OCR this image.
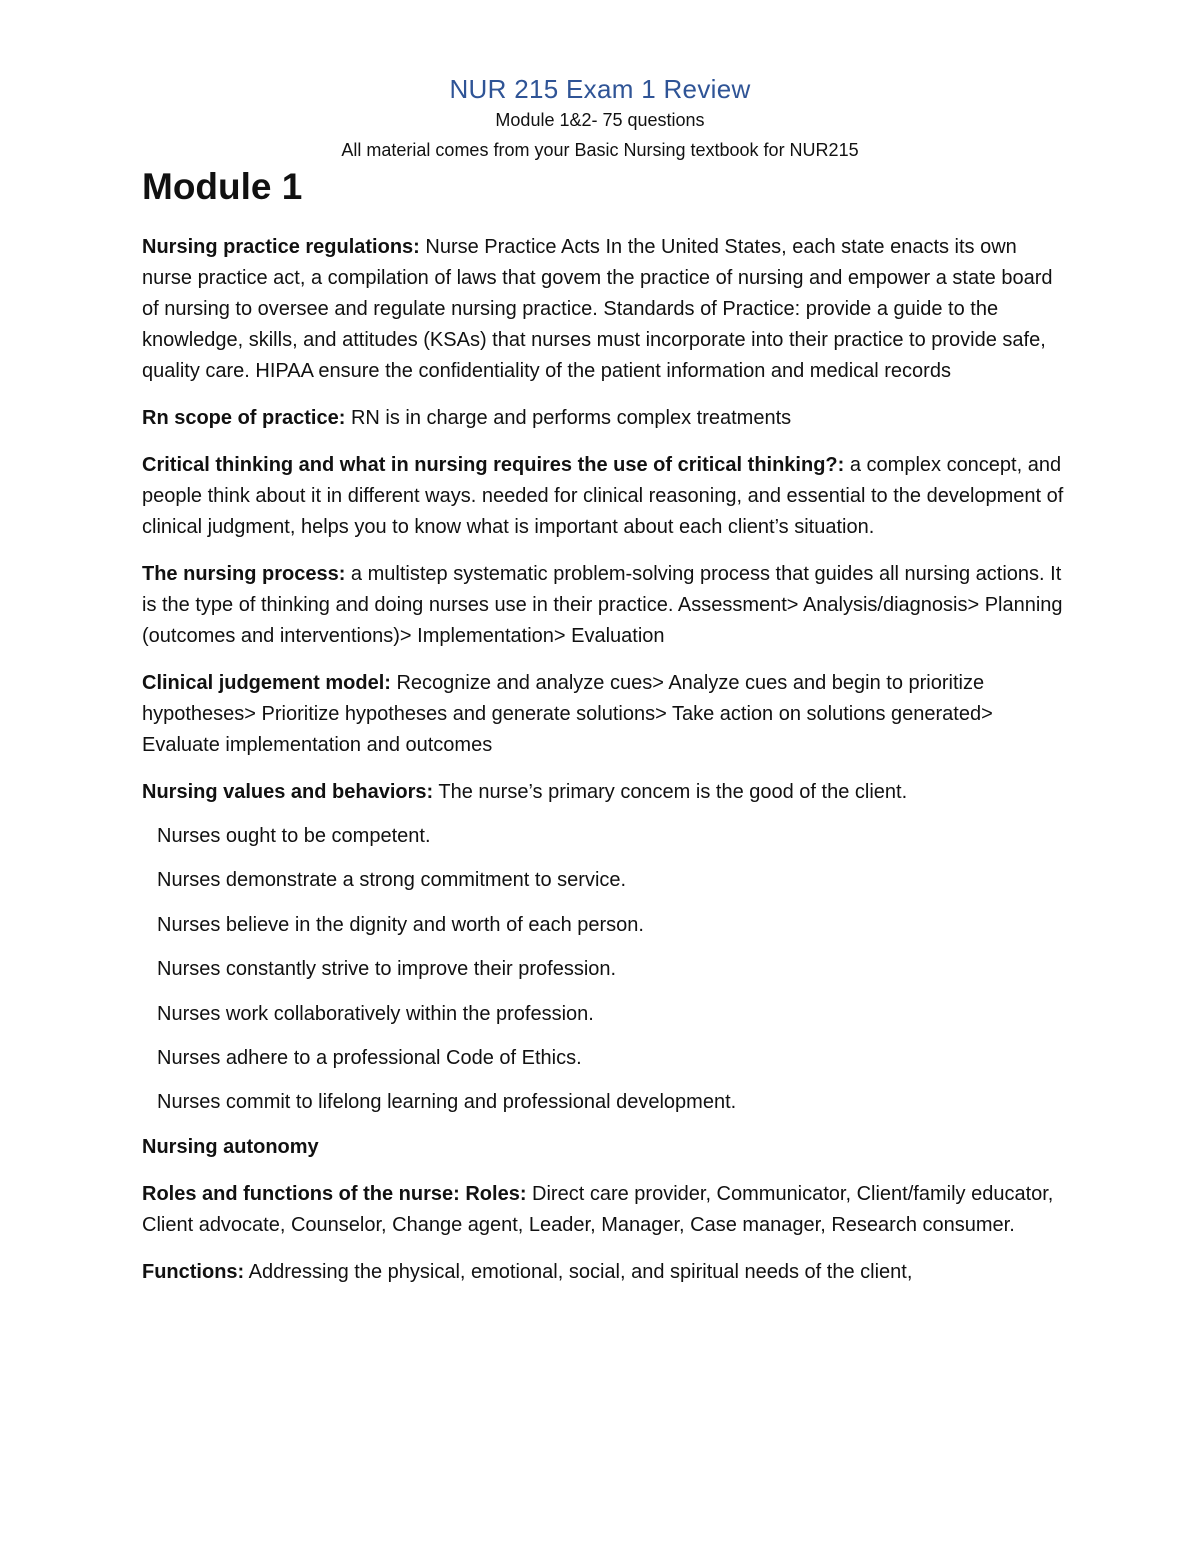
NUR 215 Exam 1 Review
Module 1&2- 75 questions
All material comes from your Basic Nursing textbook for NUR215
Module 1

Nursing practice regulations: Nurse Practice Acts In the United States, each state enacts its own nurse practice act, a compilation of laws that govem the practice of nursing and empower a state board of nursing to oversee and regulate nursing practice. Standards of Practice: provide a guide to the knowledge, skills, and attitudes (KSAs) that nurses must incorporate into their practice to provide safe, quality care. HIPAA ensure the confidentiality of the patient information and medical records

Rn scope of practice: RN is in charge and performs complex treatments

Critical thinking and what in nursing requires the use of critical thinking?: a complex concept, and people think about it in different ways. needed for clinical reasoning, and essential to the development of clinical judgment, helps you to know what is important about each client’s situation.

The nursing process: a multistep systematic problem-solving process that guides all nursing actions. It is the type of thinking and doing nurses use in their practice. Assessment> Analysis/diagnosis> Planning (outcomes and interventions)> Implementation> Evaluation

Clinical judgement model: Recognize and analyze cues> Analyze cues and begin to prioritize hypotheses> Prioritize hypotheses and generate solutions> Take action on solutions generated> Evaluate implementation and outcomes

Nursing values and behaviors: The nurse’s primary concem is the good of the client.

Nurses ought to be competent.
Nurses demonstrate a strong commitment to service.
Nurses believe in the dignity and worth of each person.
Nurses constantly strive to improve their profession.
Nurses work collaboratively within the profession.
Nurses adhere to a professional Code of Ethics.
Nurses commit to lifelong learning and professional development.

Nursing autonomy

Roles and functions of the nurse: Roles: Direct care provider, Communicator, Client/family educator, Client advocate, Counselor, Change agent, Leader, Manager, Case manager, Research consumer.

Functions: Addressing the physical, emotional, social, and spiritual needs of the client,
